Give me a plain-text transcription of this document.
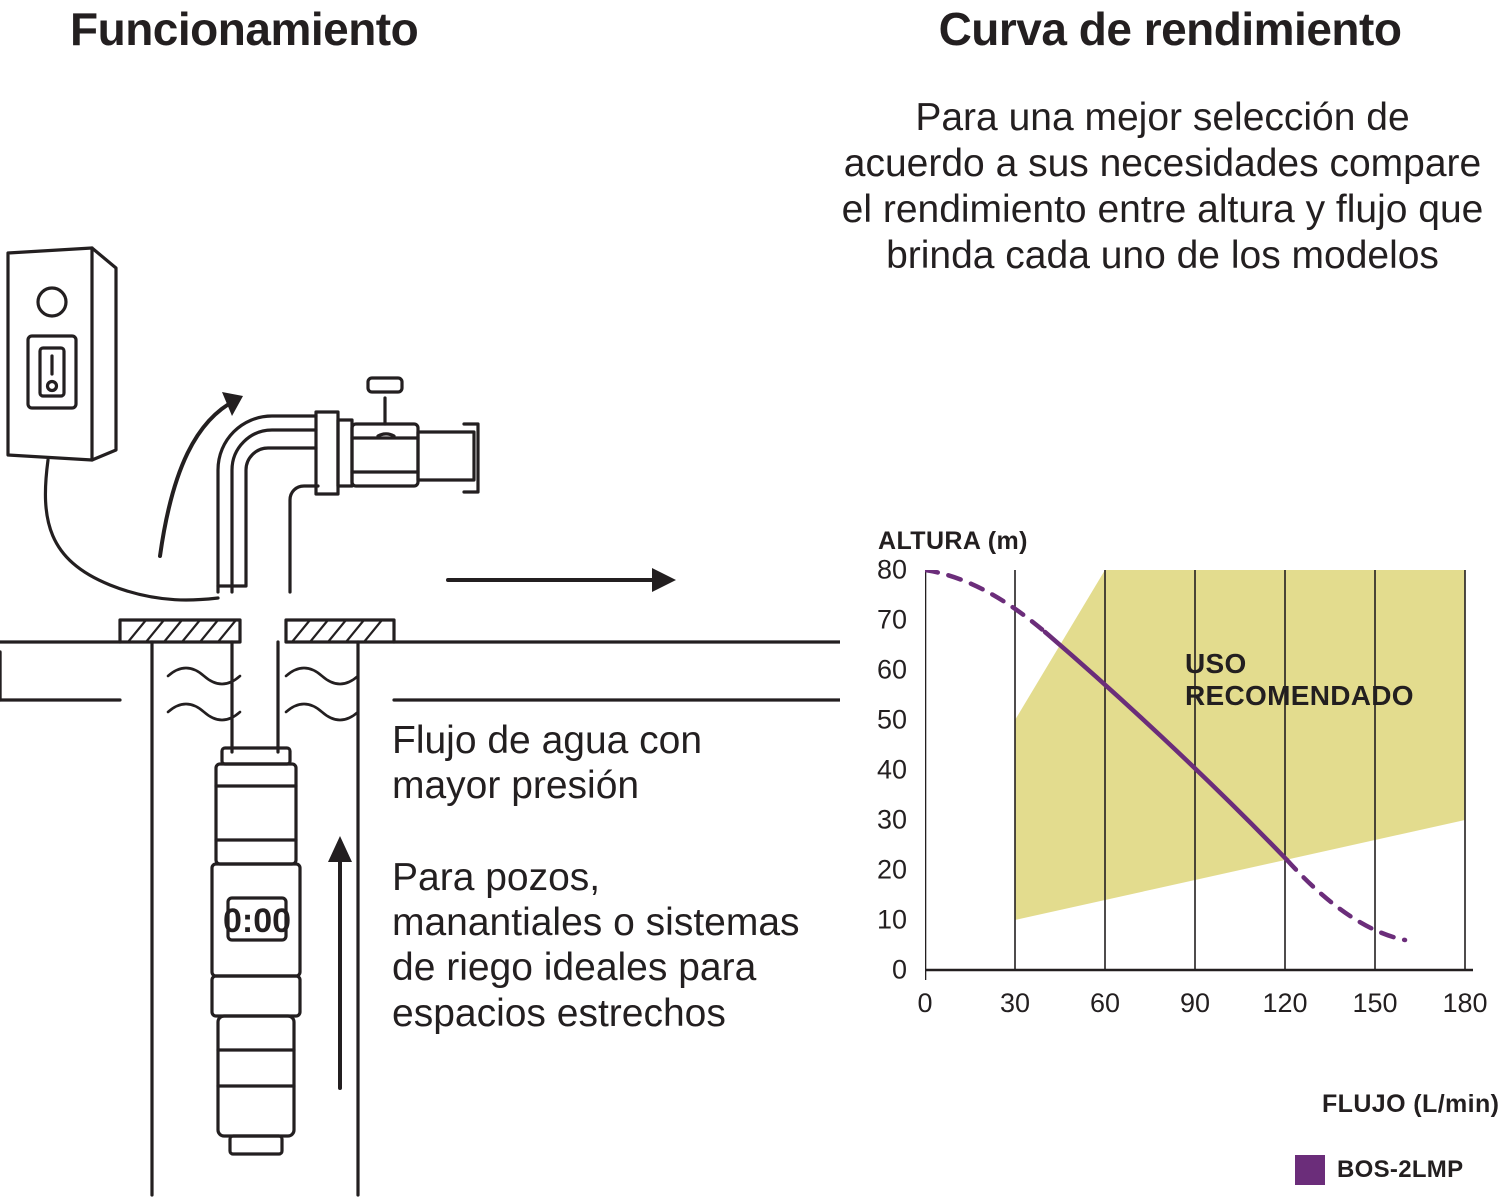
Funcionamiento
0:00
Flujo de agua con mayor presión
Para pozos, manantiales o sistemas de riego ideales para espacios estrechos
Curva de rendimiento
Para una mejor selección de acuerdo a sus necesidades compare el rendimiento entre altura y flujo que brinda cada uno de los modelos
ALTURA (m)
FLUJO (L/min)
USO RECOMENDADO
0
10
20
30
40
50
60
70
80
0	30	60	90	120	150	180
BOS-2LMP
